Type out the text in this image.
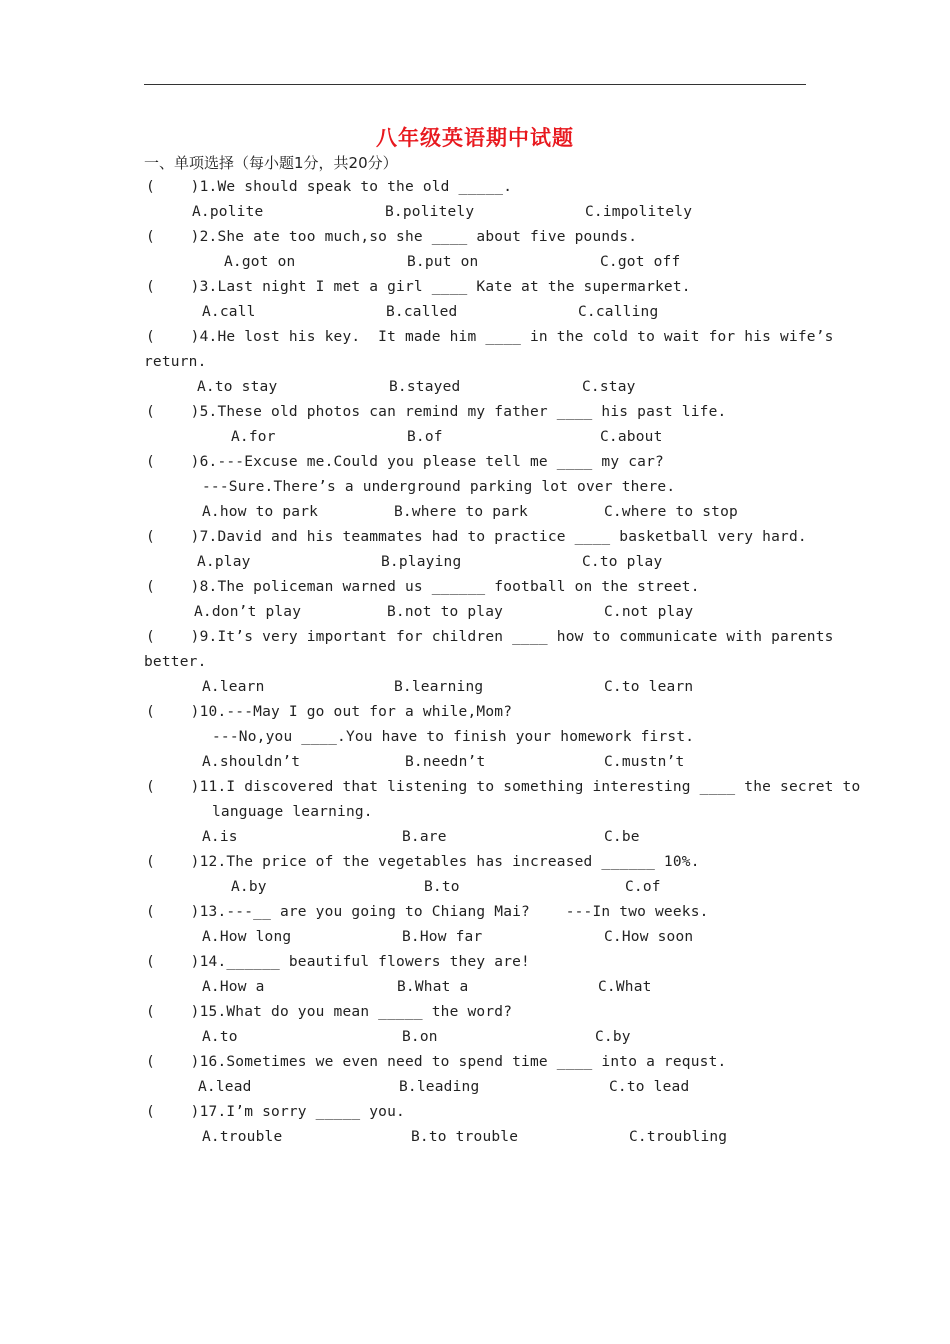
八年级英语期中试题
一、单项选择（每小题1分，共20分）
(    )1.We should speak to the old _____.
A.polite	B.politely	C.impolitely
(    )2.She ate too much,so she ____ about five pounds.
A.got on	B.put on	C.got off
(    )3.Last night I met a girl ____ Kate at the supermarket.
A.call	B.called	C.calling
(    )4.He lost his key.  It made him ____ in the cold to wait for his wife’s
return.
A.to stay	B.stayed	C.stay
(    )5.These old photos can remind my father ____ his past life.
A.for	B.of	C.about
(    )6.---Excuse me.Could you please tell me ____ my car?
---Sure.There’s a underground parking lot over there.
A.how to park	B.where to park	C.where to stop
(    )7.David and his teammates had to practice ____ basketball very hard.
A.play	B.playing	C.to play
(    )8.The policeman warned us ______ football on the street.
A.don’t play	B.not to play	C.not play
(    )9.It’s very important for children ____ how to communicate with parents
better.
A.learn	B.learning	C.to learn
(    )10.---May I go out for a while,Mom?
---No,you ____.You have to finish your homework first.
A.shouldn’t	B.needn’t	C.mustn’t
(    )11.I discovered that listening to something interesting ____ the secret to
language learning.
A.is	B.are	C.be
(    )12.The price of the vegetables has increased ______ 10%.
A.by	B.to	C.of
(    )13.---__ are you going to Chiang Mai?    ---In two weeks.
A.How long	B.How far	C.How soon
(    )14.______ beautiful flowers they are!
A.How a	B.What a	C.What
(    )15.What do you mean _____ the word?
A.to	B.on	C.by
(    )16.Sometimes we even need to spend time ____ into a requst.
A.lead	B.leading	C.to lead
(    )17.I’m sorry _____ you.
A.trouble	B.to trouble	C.troubling
